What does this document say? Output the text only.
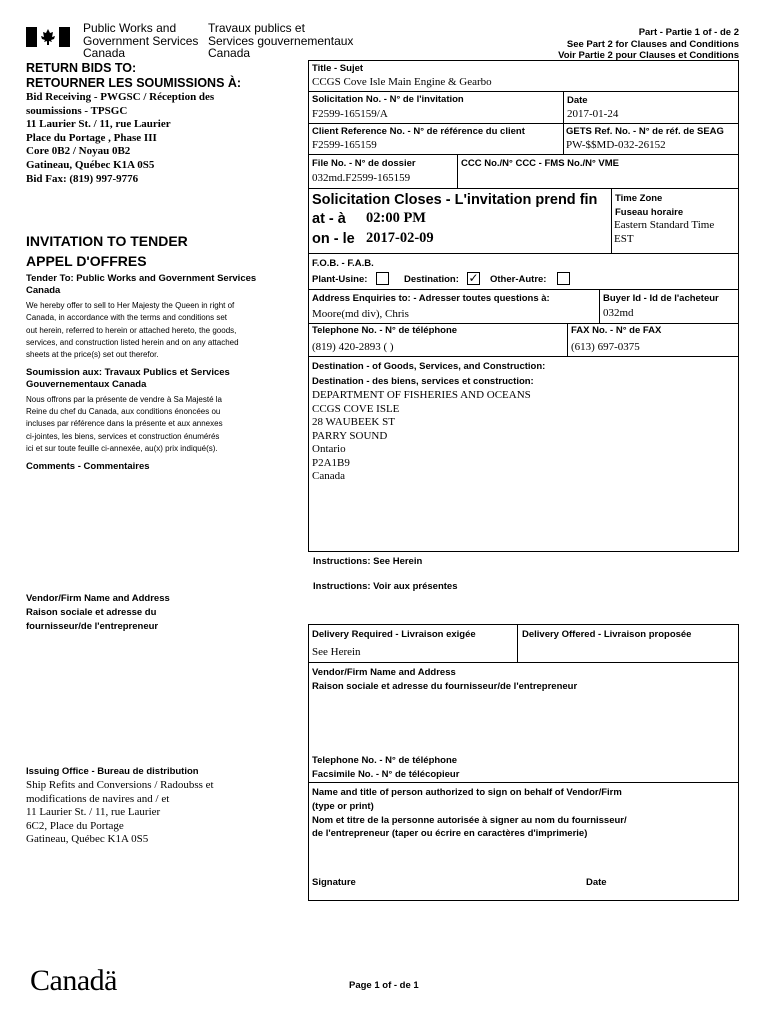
Public Works and
Government Services
Canada
Travaux publics et
Services gouvernementaux
Canada
Part - Partie 1 of - de 2
See Part 2 for Clauses and Conditions
Voir Partie 2 pour Clauses et Conditions
RETURN BIDS TO:
RETOURNER LES SOUMISSIONS À:
Bid Receiving - PWGSC / Réception des
soumissions - TPSGC
11 Laurier St. / 11, rue Laurier
Place du Portage , Phase III
Core 0B2 / Noyau 0B2
Gatineau, Québec K1A 0S5
Bid Fax: (819) 997-9776
INVITATION TO TENDER
APPEL D'OFFRES
Tender To: Public Works and Government Services
Canada
We hereby offer to sell to Her Majesty the Queen in right of
Canada, in accordance with the terms and conditions set
out herein, referred to herein or attached hereto, the goods,
services, and construction listed herein and on any attached
sheets at the price(s) set out therefor.
Soumission aux: Travaux Publics et Services
Gouvernementaux Canada
Nous offrons par la présente de vendre à Sa Majesté la
Reine du chef du Canada, aux conditions énoncées ou
incluses par référence dans la présente et aux annexes
ci-jointes, les biens, services et construction énumérés
ici et sur toute feuille ci-annexée, au(x) prix indiqué(s).
Comments - Commentaires
Vendor/Firm Name and Address
Raison sociale et adresse du
fournisseur/de l'entrepreneur
Issuing Office - Bureau de distribution
Ship Refits and Conversions / Radoubss et
modifications de navires and / et
11 Laurier St. / 11, rue Laurier
6C2, Place du Portage
Gatineau, Québec K1A 0S5
Title - Sujet
CCGS Cove Isle Main Engine & Gearbo
Solicitation No. - N° de l'invitation
F2599-165159/A
Date
2017-01-24
Client Reference No. - N° de référence du client
F2599-165159
GETS Ref. No. - N° de réf. de SEAG
PW-$$MD-032-26152
File No. - N° de dossier
032md.F2599-165159
CCC No./N° CCC - FMS No./N° VME
Solicitation Closes - L'invitation prend fin
at - à 02:00 PM
on - le 2017-02-09
Time Zone
Fuseau horaire
Eastern Standard Time
EST
F.O.B. - F.A.B.
Plant-Usine:	Destination: ✓ Other-Autre:
Address Enquiries to: - Adresser toutes questions à:
Moore(md div), Chris
Buyer Id - Id de l'acheteur
032md
Telephone No. - N° de téléphone
(819) 420-2893 ( )
FAX No. - N° de FAX
(613) 697-0375
Destination - of Goods, Services, and Construction:
Destination - des biens, services et construction:
DEPARTMENT OF FISHERIES AND OCEANS
CCGS COVE ISLE
28 WAUBEEK ST
PARRY SOUND
Ontario
P2A1B9
Canada
Instructions: See Herein
Instructions: Voir aux présentes
Delivery Required - Livraison exigée
See Herein
Delivery Offered - Livraison proposée
Vendor/Firm Name and Address
Raison sociale et adresse du fournisseur/de l'entrepreneur
Telephone No. - N° de téléphone
Facsimile No. - N° de télécopieur
Name and title of person authorized to sign on behalf of Vendor/Firm
(type or print)
Nom et titre de la personne autorisée à signer au nom du fournisseur/
de l'entrepreneur (taper ou écrire en caractères d'imprimerie)
Signature	Date
Canadä	Page 1 of - de 1
